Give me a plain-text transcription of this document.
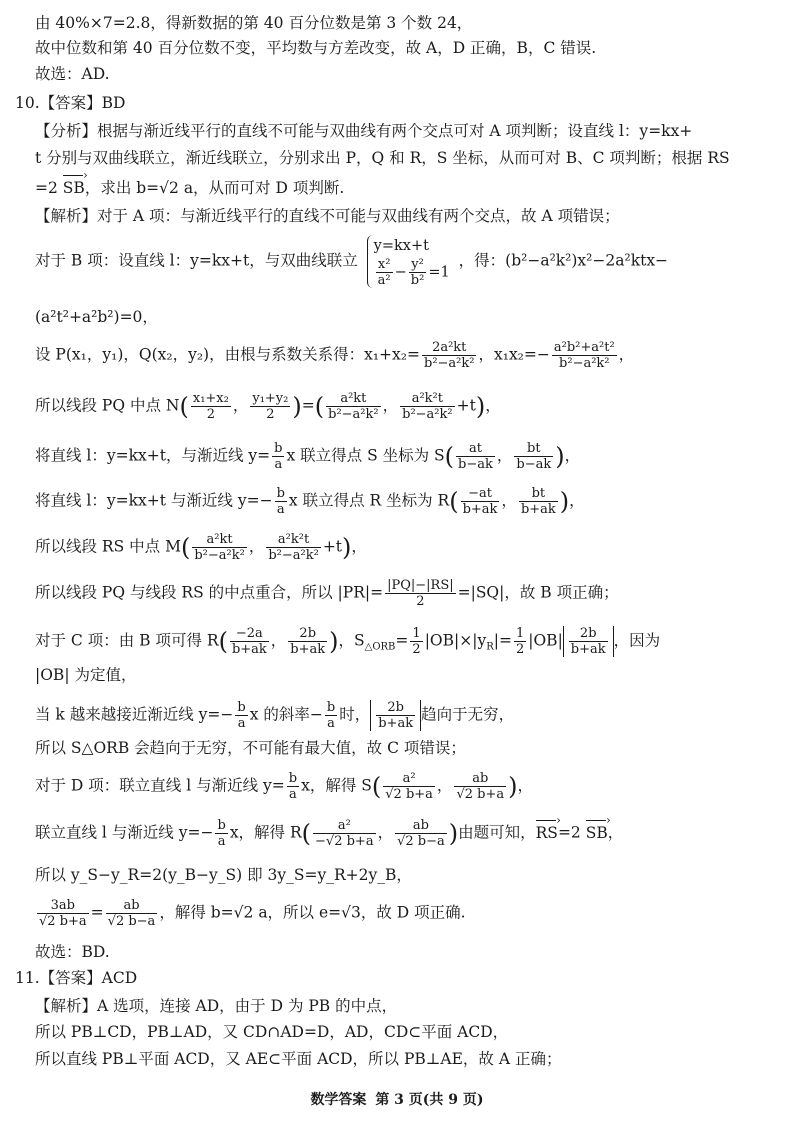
由 40%×7=2.8，得新数据的第 40 百分位数是第 3 个数 24，
故中位数和第 40 百分位数不变，平均数与方差改变，故 A，D 正确，B，C 错误.
故选：AD.
10.【答案】BD
【分析】根据与渐近线平行的直线不可能与双曲线有两个交点可对 A 项判断；设直线 l：y=kx+
t 分别与双曲线联立，渐近线联立，分别求出 P，Q 和 R，S 坐标，从而可对 B、C 项判断；根据 RS
=2 SB ›，求出 b=√2 a，从而可对 D 项判断.
【解析】对于 A 项：与渐近线平行的直线不可能与双曲线有两个交点，故 A 项错误；
对于 B 项：设直线 l：y=kx+t，与双曲线联立
y=kx+t
$\frac{\text{x²}}{\text{a²}} - \frac{\text{y²}}{\text{b²}} =1$
，得：(b²−a²k²)x²−2a²ktx−
(a²t²+a²b²)=0，
设 P(x₁，y₁)，Q(x₂，y₂)，由根与系数关系得：$x_1+x_2= \frac{\text{2a²kt}}{\text{b²−a²k²}}$ ，$x_1x_2=- \frac{\text{a²b²+a²t²}}{\text{b²−a²k²}}$ ，
所以线段 PQ 中点 $N( \frac{\text{x₁+x₂}}{2}$ ， $\frac{\text{y₁+y₂}}{2}$ )=( $\frac{\text{a²kt}}{\text{b²−a²k²}}$ ， $\frac{\text{a²k²t}}{\text{b²−a²k²}} +t$)，
将直线 l：y=kx+t，与渐近线 $y= \frac{b}{a}$ x 联立得点 S 坐标为 $S( \frac{at}{b-ak}$ ， $\frac{bt}{b-ak}$ )，
将直线 l：y=kx+t 与渐近线 $y=- \frac{b}{a}$ x 联立得点 R 坐标为 $R( \frac{-at}{b+ak}$ ， $\frac{bt}{b+ak}$ )，
所以线段 RS 中点 $M( \frac{\text{a²kt}}{\text{b²−a²k²}}$ ， $\frac{\text{a²k²t}}{\text{b²−a²k²}} +t$)，
所以线段 PQ 与线段 RS 的中点重合，所以 $|PR|= \frac{|PQ|-|RS|}{2} =|SQ|$，故 B 项正确；
对于 C 项：由 B 项可得 $R( \frac{-2a}{b+ak}$ ， $\frac{2b}{b+ak}$ )，$S_{\triangle ORB}= \frac{1}{2} |OB|\times|y_R|= \frac{1}{2} |OB| \frac{2b}{b+ak}$ ，因为
|OB| 为定值，
当 k 越来越接近渐近线 $y=- \frac{b}{a}$ x 的斜率− $\frac{b}{a}$ 时， $\frac{2b}{b+ak}$ 趋向于无穷，
所以 S△ORB 会趋向于无穷，不可能有最大值，故 C 项错误；
对于 D 项：联立直线 l 与渐近线 $y= \frac{b}{a}$ x，解得 $S( \frac{\text{a²}}{√2 b+a}$ ， $\frac{ab}{√2 b+a}$ )，
联立直线 l 与渐近线 $y=- \frac{b}{a}$ x，解得 $R( \frac{\text{a²}}{-√2 b+a}$ ， $\frac{ab}{√2 b-a}$ )由题可知，RS ›=2 SB ›，
所以 y_S−y_R=2(y_B−y_S) 即 3y_S=y_R+2y_B，
$\frac{3ab}{√2 b+a} = \frac{ab}{√2 b-a}$ ，解得 b=√2 a，所以 e=√3，故 D 项正确.
故选：BD.
11.【答案】ACD
【解析】A 选项，连接 AD，由于 D 为 PB 的中点，
所以 PB⊥CD，PB⊥AD，又 CD∩AD=D，AD，CD⊂平面 ACD，
所以直线 PB⊥平面 ACD，又 AE⊂平面 ACD，所以 PB⊥AE，故 A 正确；
数学答案 第 3 页(共 9 页)
